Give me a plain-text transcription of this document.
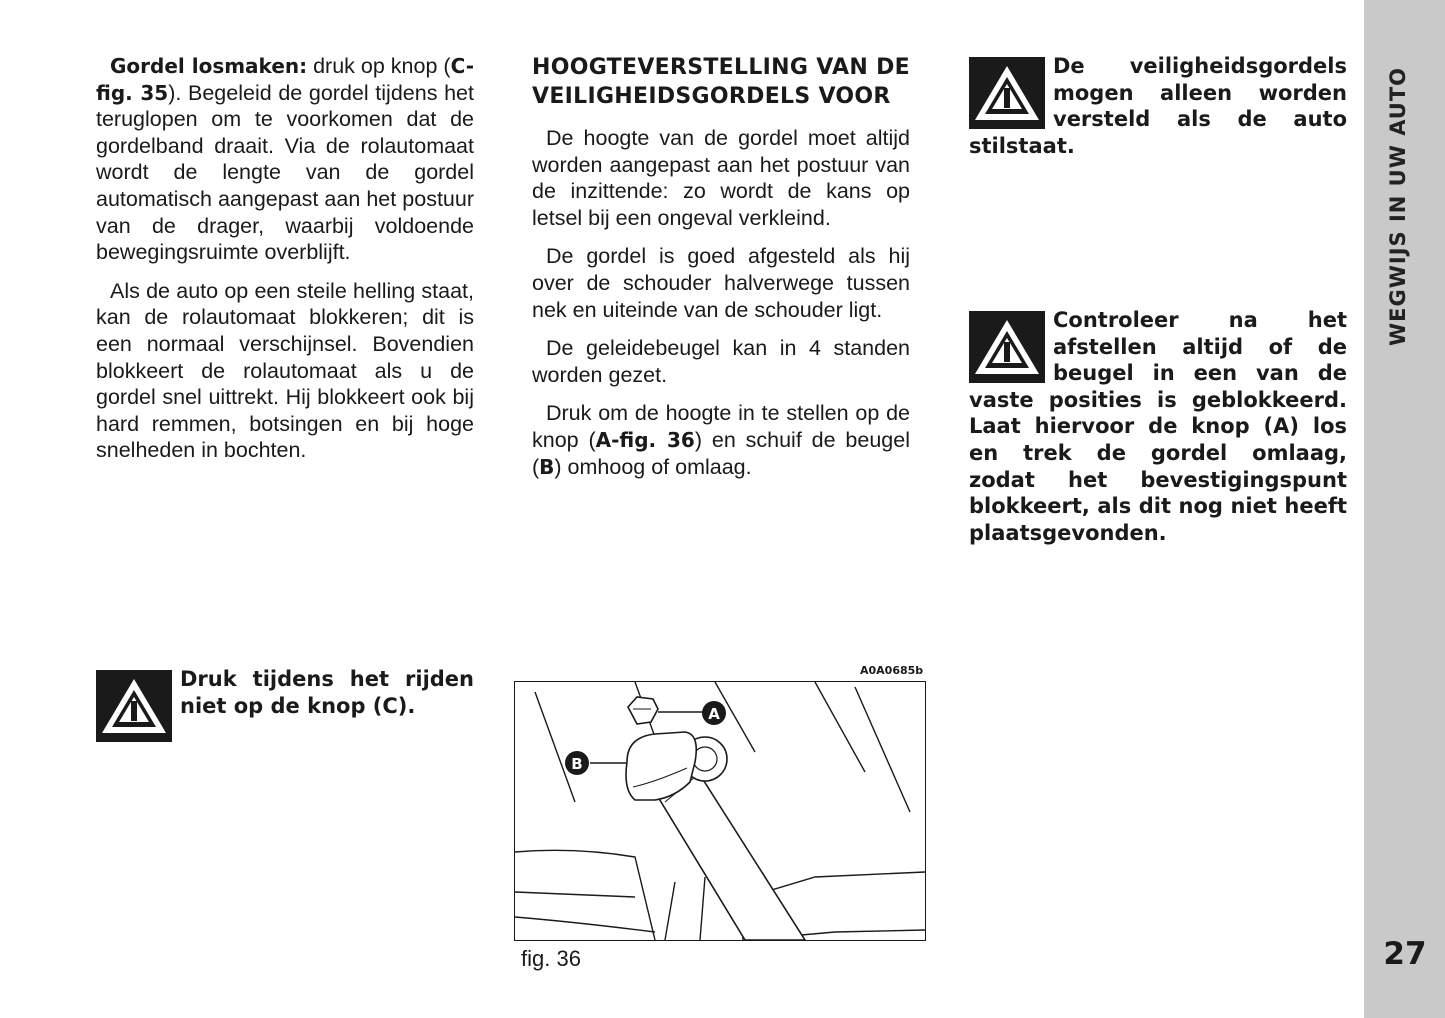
Gordel losmaken: druk op knop (C-fig. 35). Begeleid de gordel tijdens het teruglopen om te voorkomen dat de gordelband draait. Via de rolautomaat wordt de lengte van de gordel automatisch aangepast aan het postuur van de drager, waarbij voldoende bewegingsruimte overblijft.

Als de auto op een steile helling staat, kan de rolautomaat blokkeren; dit is een normaal verschijnsel. Bovendien blokkeert de rolautomaat als u de gordel snel uittrekt. Hij blokkeert ook bij hard remmen, botsingen en bij hoge snelheden in bochten.

Druk tijdens het rijden niet op de knop (C).
HOOGTEVERSTELLING VAN DE VEILIGHEIDSGORDELS VOOR

De hoogte van de gordel moet altijd worden aangepast aan het postuur van de inzittende: zo wordt de kans op letsel bij een ongeval verkleind.

De gordel is goed afgesteld als hij over de schouder halverwege tussen nek en uiteinde van de schouder ligt.

De geleidebeugel kan in 4 standen worden gezet.

Druk om de hoogte in te stellen op de knop (A-fig. 36) en schuif de beugel (B) omhoog of omlaag.

A0A0685b
A
B
fig. 36
De veiligheidsgordels mogen alleen worden versteld als de auto stilstaat.
Controleer na het afstellen altijd of de beugel in een van de vaste posities is geblokkeerd. Laat hiervoor de knop (A) los en trek de gordel omlaag, zodat het bevestigingspunt blokkeert, als dit nog niet heeft plaatsgevonden.
WEGWIJS IN UW AUTO
27
